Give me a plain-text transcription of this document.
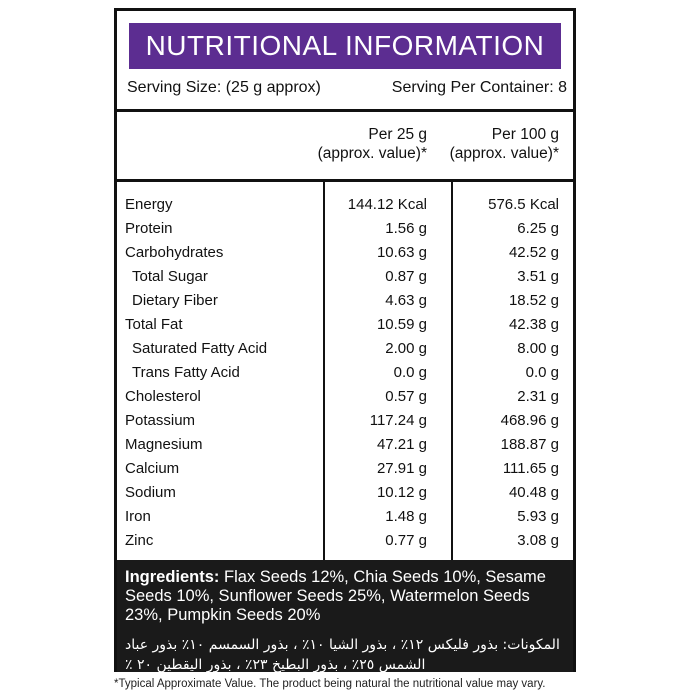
NUTRITIONAL INFORMATION
Serving Size: (25 g approx)	Serving Per Container: 8
Per 25 g
(approx. value)*
Per 100 g
(approx. value)*
Energy	144.12 Kcal	576.5 Kcal
Protein	1.56 g	6.25 g
Carbohydrates	10.63 g	42.52 g
Total Sugar	0.87 g	3.51 g
Dietary Fiber	4.63 g	18.52 g
Total Fat	10.59 g	42.38 g
Saturated Fatty Acid	2.00 g	8.00 g
Trans Fatty Acid	0.0 g	0.0 g
Cholesterol	0.57 g	2.31 g
Potassium	117.24 g	468.96 g
Magnesium	47.21 g	188.87 g
Calcium	27.91 g	111.65 g
Sodium	10.12 g	40.48 g
Iron	1.48 g	5.93 g
Zinc	0.77 g	3.08 g
Ingredients: Flax Seeds 12%, Chia Seeds 10%, Sesame Seeds 10%, Sunflower Seeds 25%, Watermelon Seeds 23%, Pumpkin Seeds 20%
المكونات: بذور فليكس ١٢٪ ، بذور الشيا ١٠٪ ، بذور السمسم ١٠٪ بذور عباد الشمس ٢٥٪ ، بذور البطيخ ٢٣٪ ، بذور اليقطين ٢٠ ٪
*Typical Approximate Value. The product being natural the nutritional value may vary.
